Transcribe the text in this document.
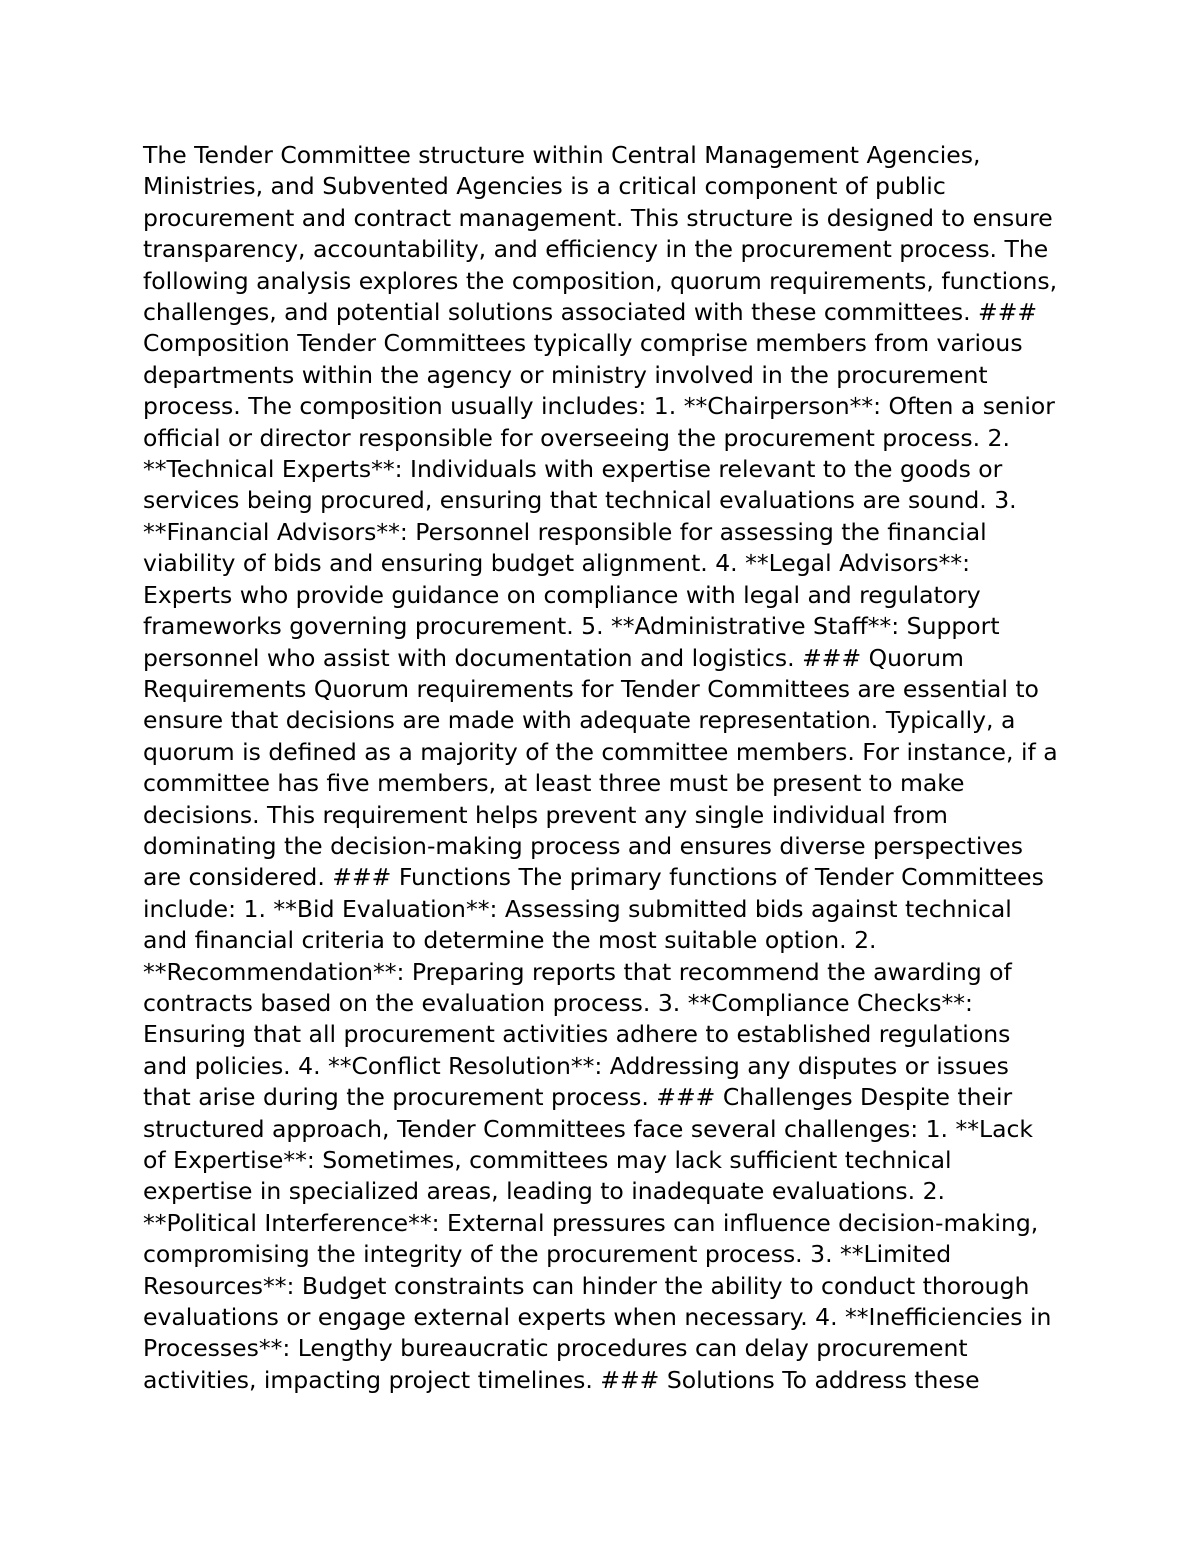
The Tender Committee structure within Central Management Agencies,
Ministries, and Subvented Agencies is a critical component of public
procurement and contract management. This structure is designed to ensure
transparency, accountability, and efficiency in the procurement process. The
following analysis explores the composition, quorum requirements, functions,
challenges, and potential solutions associated with these committees. ###
Composition Tender Committees typically comprise members from various
departments within the agency or ministry involved in the procurement
process. The composition usually includes: 1. **Chairperson**: Often a senior
official or director responsible for overseeing the procurement process. 2.
**Technical Experts**: Individuals with expertise relevant to the goods or
services being procured, ensuring that technical evaluations are sound. 3.
**Financial Advisors**: Personnel responsible for assessing the financial
viability of bids and ensuring budget alignment. 4. **Legal Advisors**:
Experts who provide guidance on compliance with legal and regulatory
frameworks governing procurement. 5. **Administrative Staff**: Support
personnel who assist with documentation and logistics. ### Quorum
Requirements Quorum requirements for Tender Committees are essential to
ensure that decisions are made with adequate representation. Typically, a
quorum is defined as a majority of the committee members. For instance, if a
committee has five members, at least three must be present to make
decisions. This requirement helps prevent any single individual from
dominating the decision-making process and ensures diverse perspectives
are considered. ### Functions The primary functions of Tender Committees
include: 1. **Bid Evaluation**: Assessing submitted bids against technical
and financial criteria to determine the most suitable option. 2.
**Recommendation**: Preparing reports that recommend the awarding of
contracts based on the evaluation process. 3. **Compliance Checks**:
Ensuring that all procurement activities adhere to established regulations
and policies. 4. **Conflict Resolution**: Addressing any disputes or issues
that arise during the procurement process. ### Challenges Despite their
structured approach, Tender Committees face several challenges: 1. **Lack
of Expertise**: Sometimes, committees may lack sufficient technical
expertise in specialized areas, leading to inadequate evaluations. 2.
**Political Interference**: External pressures can influence decision-making,
compromising the integrity of the procurement process. 3. **Limited
Resources**: Budget constraints can hinder the ability to conduct thorough
evaluations or engage external experts when necessary. 4. **Inefficiencies in
Processes**: Lengthy bureaucratic procedures can delay procurement
activities, impacting project timelines. ### Solutions To address these
